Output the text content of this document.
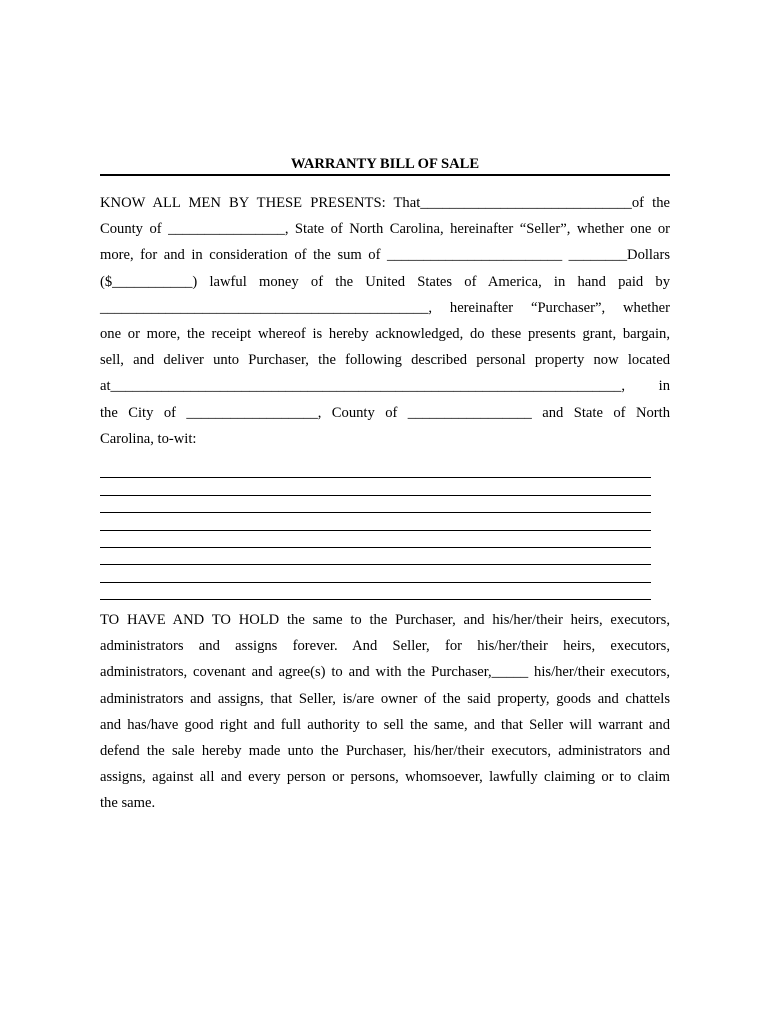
WARRANTY BILL OF SALE
KNOW ALL MEN BY THESE PRESENTS: That_____________________________of the
County of ________________, State of North Carolina, hereinafter “Seller”, whether one or
more, for and in consideration of the sum of ________________________ ________Dollars
($___________) lawful money of the United States of America, in hand paid by
_____________________________________________, hereinafter “Purchaser”, whether
one or more, the receipt whereof is hereby acknowledged, do these presents grant, bargain,
sell, and deliver unto Purchaser, the following described personal property now located
at______________________________________________________________________, in
the City of __________________, County of _________________ and State of North
Carolina, to-wit:
TO HAVE AND TO HOLD the same to the Purchaser, and his/her/their heirs, executors,
administrators and assigns forever. And Seller, for his/her/their heirs, executors,
administrators, covenant and agree(s) to and with the Purchaser,_____ his/her/their executors,
administrators and assigns, that Seller, is/are owner of the said property, goods and chattels
and has/have good right and full authority to sell the same, and that Seller will warrant and
defend the sale hereby made unto the Purchaser, his/her/their executors, administrators and
assigns, against all and every person or persons, whomsoever, lawfully claiming or to claim
the same.
